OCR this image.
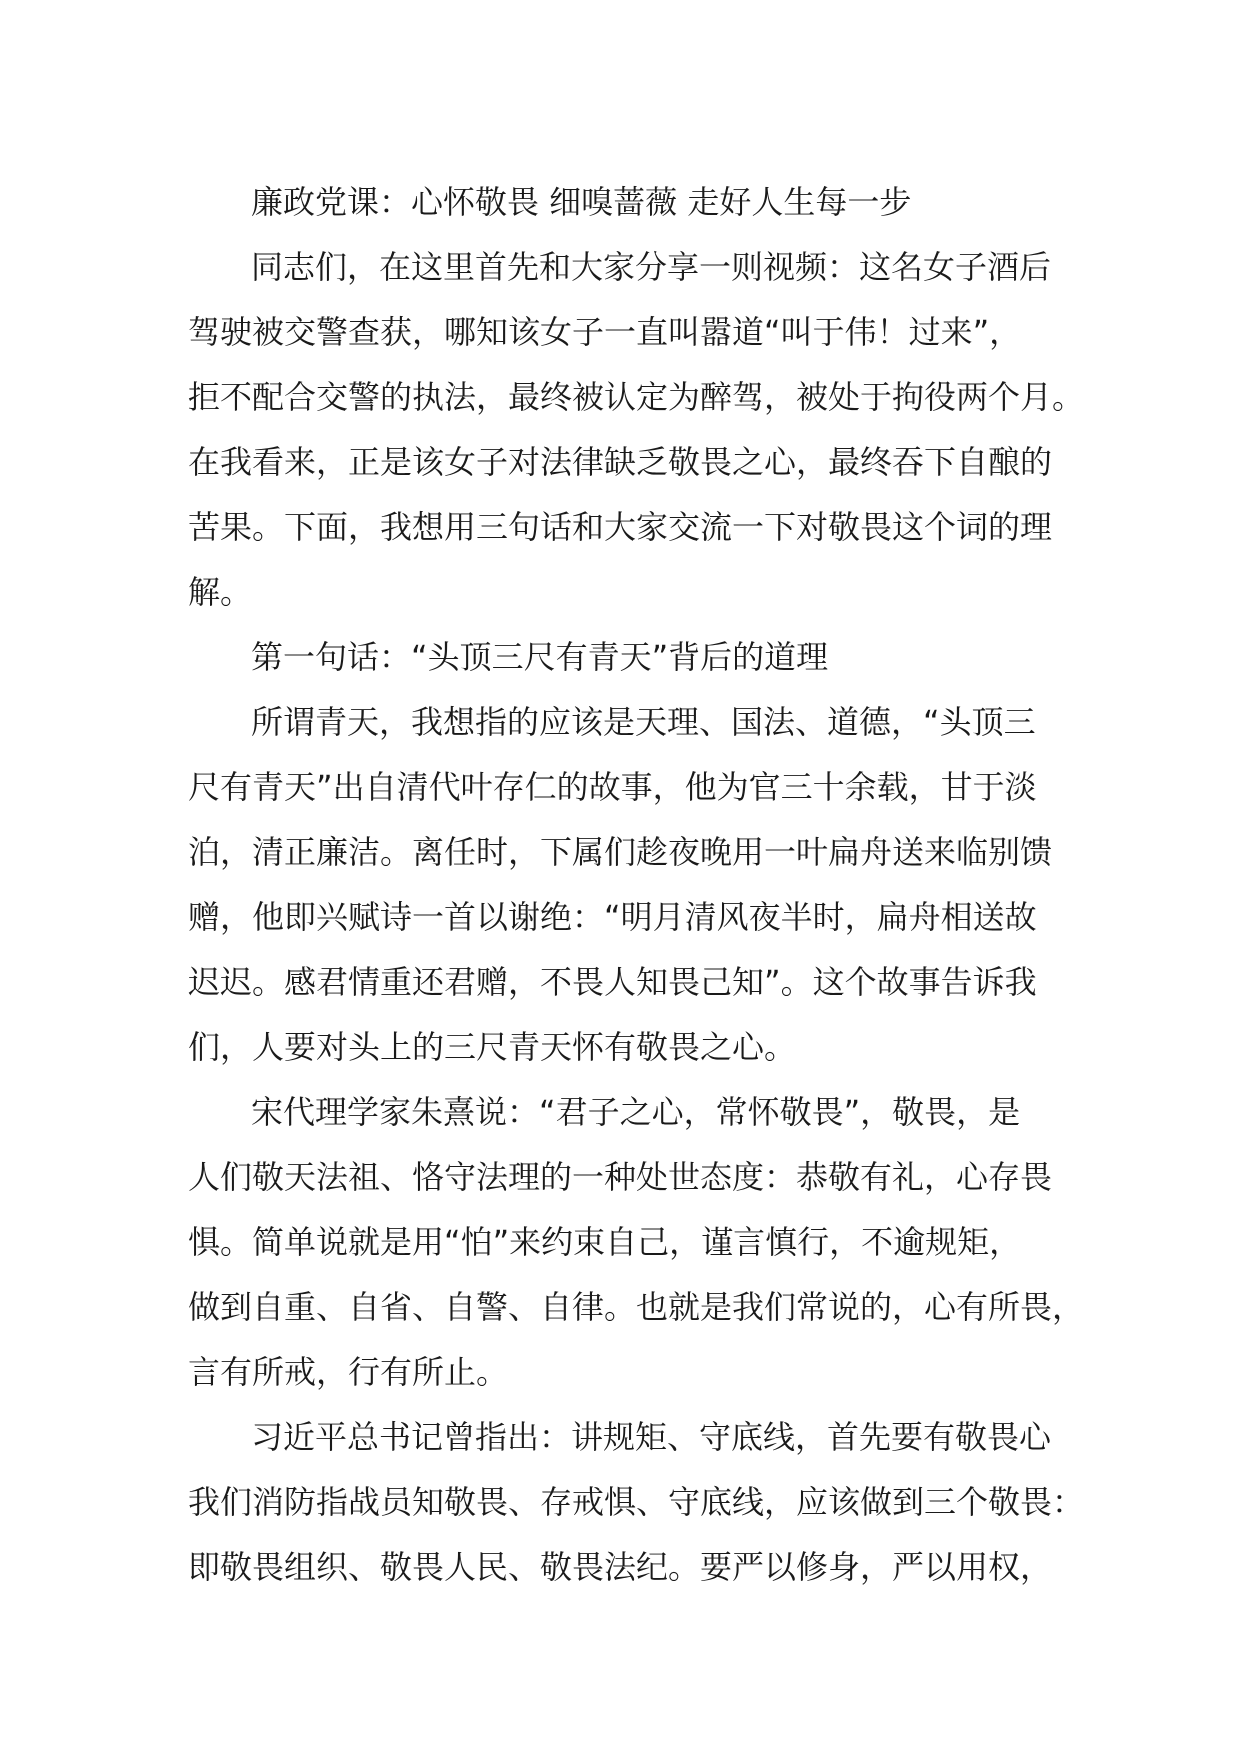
廉政党课：心怀敬畏 细嗅蔷薇 走好人生每一步
同志们，在这里首先和大家分享一则视频：这名女子酒后
驾驶被交警查获，哪知该女子一直叫嚣道“叫于伟！过来”，
拒不配合交警的执法，最终被认定为醉驾，被处于拘役两个月。
在我看来，正是该女子对法律缺乏敬畏之心，最终吞下自酿的
苦果。下面，我想用三句话和大家交流一下对敬畏这个词的理
解。
第一句话：“头顶三尺有青天”背后的道理
所谓青天，我想指的应该是天理、国法、道德，“头顶三
尺有青天”出自清代叶存仁的故事，他为官三十余载，甘于淡
泊，清正廉洁。离任时，下属们趁夜晚用一叶扁舟送来临别馈
赠，他即兴赋诗一首以谢绝：“明月清风夜半时，扁舟相送故
迟迟。感君情重还君赠，不畏人知畏己知”。这个故事告诉我
们，人要对头上的三尺青天怀有敬畏之心。
宋代理学家朱熹说：“君子之心，常怀敬畏”，敬畏，是
人们敬天法祖、恪守法理的一种处世态度：恭敬有礼，心存畏
惧。简单说就是用“怕”来约束自己，谨言慎行，不逾规矩，
做到自重、自省、自警、自律。也就是我们常说的，心有所畏，
言有所戒，行有所止。
习近平总书记曾指出：讲规矩、守底线，首先要有敬畏心
我们消防指战员知敬畏、存戒惧、守底线，应该做到三个敬畏：
即敬畏组织、敬畏人民、敬畏法纪。要严以修身，严以用权，
